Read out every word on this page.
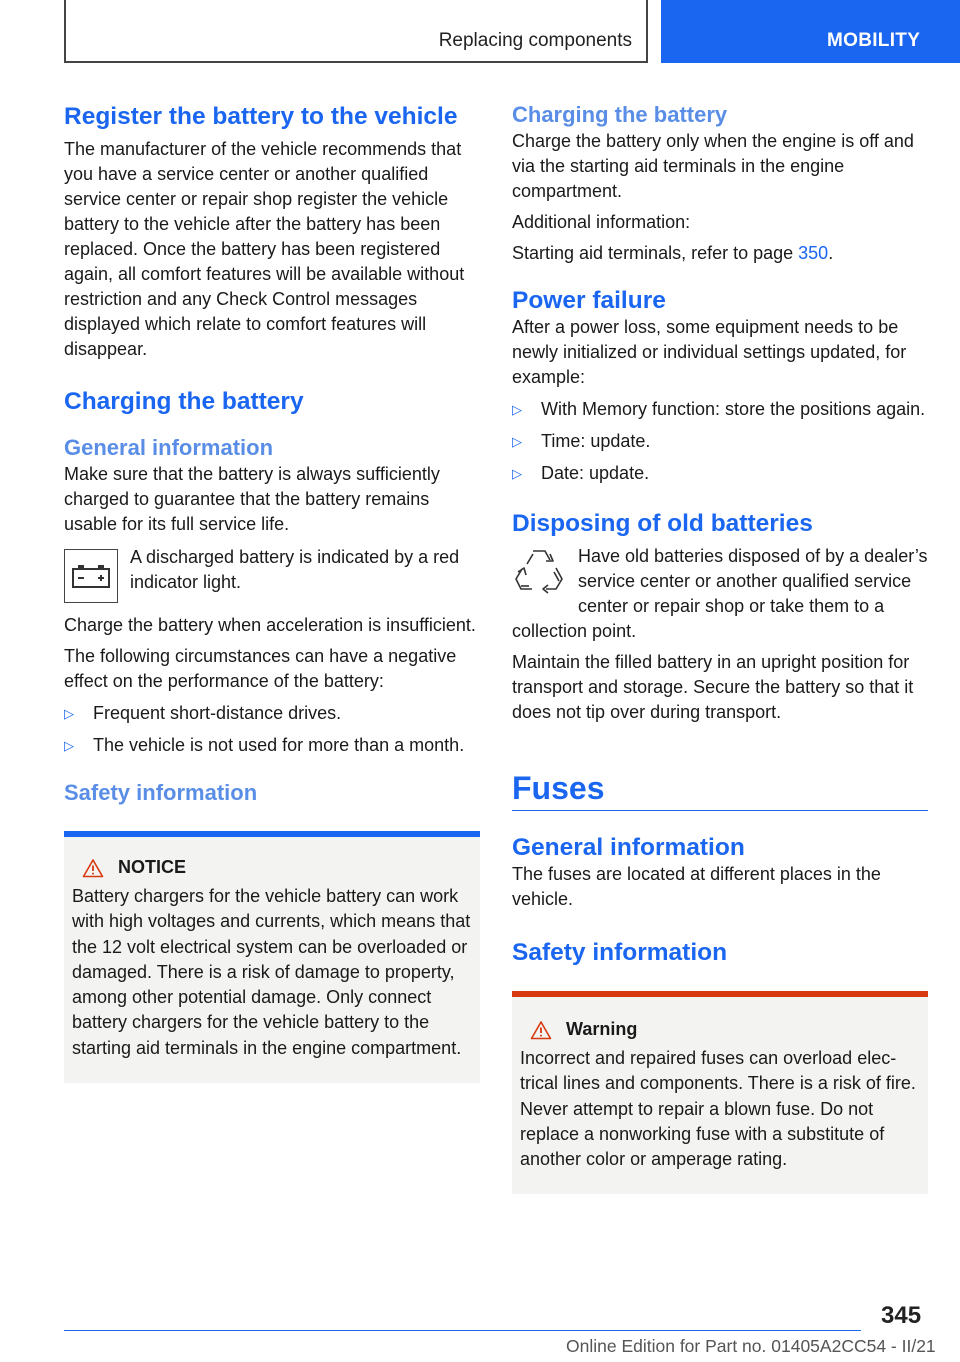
Replacing components	MOBILITY
Register the battery to the vehicle

The manufacturer of the vehicle recommends that you have a service center or another qualified service center or repair shop register the vehicle battery to the vehicle after the battery has been replaced. Once the battery has been registered again, all comfort features will be available without restriction and any Check Control messages displayed which relate to comfort features will disappear.

Charging the battery
General information

Make sure that the battery is always sufficiently charged to guarantee that the battery remains usable for its full service life.

A discharged battery is indicated by a red indicator light.

Charge the battery when acceleration is insufficient.

The following circumstances can have a negative effect on the performance of the battery:

▷ Frequent short-distance drives.
▷ The vehicle is not used for more than a month.
Safety information
NOTICE

Battery chargers for the vehicle battery can work with high voltages and currents, which means that the 12 volt electrical system can be overloaded or damaged. There is a risk of damage to property, among other potential damage. Only connect battery chargers for the vehicle battery to the starting aid terminals in the engine compartment.

Charging the battery

Charge the battery only when the engine is off and via the starting aid terminals in the engine compartment.

Additional information:

Starting aid terminals, refer to page 350.

Power failure

After a power loss, some equipment needs to be newly initialized or individual settings updated, for example:

▷ With Memory function: store the positions again.
▷ Time: update.
▷ Date: update.
Disposing of old batteries

Have old batteries disposed of by a dealer’s service center or another qualified service center or repair shop or take them to a collection point.

Maintain the filled battery in an upright position for transport and storage. Secure the battery so that it does not tip over during transport.

Fuses
General information

The fuses are located at different places in the vehicle.

Safety information
Warning

Incorrect and repaired fuses can overload electrical lines and components. There is a risk of fire. Never attempt to repair a blown fuse. Do not replace a nonworking fuse with a substitute of another color or amperage rating.

345
Online Edition for Part no. 01405A2CC54 - II/21
